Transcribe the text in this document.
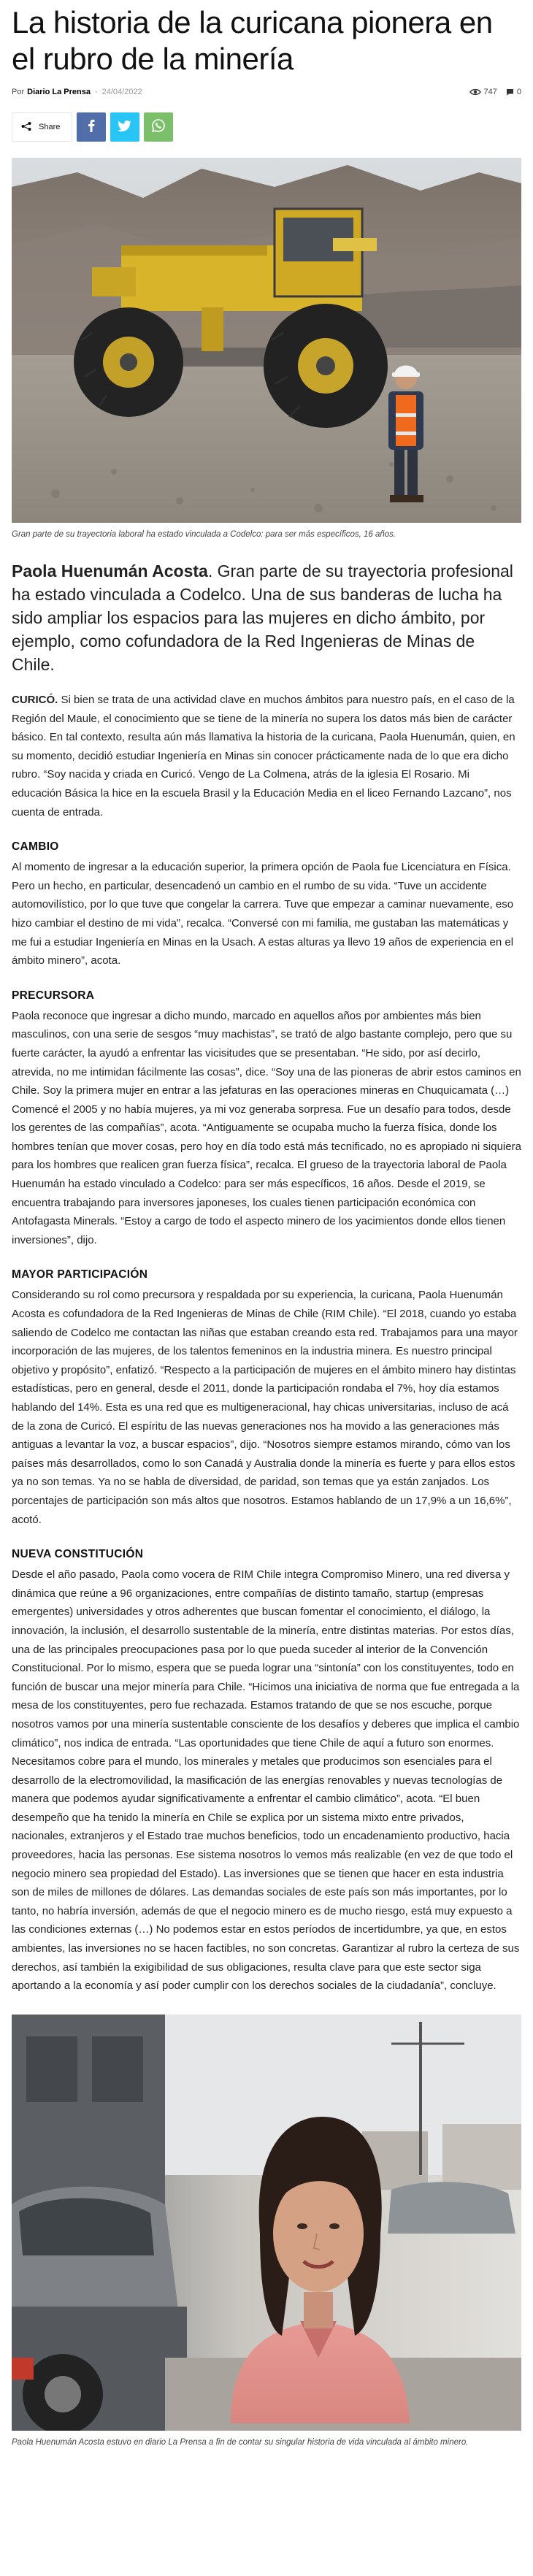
La historia de la curicana pionera en el rubro de la minería
Por Diario La Prensa - 24/04/2022	747 0
Share

Gran parte de su trayectoria laboral ha estado vinculada a Codelco: para ser más específicos, 16 años.

Paola Huenumán Acosta. Gran parte de su trayectoria profesional ha estado vinculada a Codelco. Una de sus banderas de lucha ha sido ampliar los espacios para las mujeres en dicho ámbito, por ejemplo, como cofundadora de la Red Ingenieras de Minas de Chile.

CURICÓ. Si bien se trata de una actividad clave en muchos ámbitos para nuestro país, en el caso de la Región del Maule, el conocimiento que se tiene de la minería no supera los datos más bien de carácter básico. En tal contexto, resulta aún más llamativa la historia de la curicana, Paola Huenumán, quien, en su momento, decidió estudiar Ingeniería en Minas sin conocer prácticamente nada de lo que era dicho rubro. “Soy nacida y criada en Curicó. Vengo de La Colmena, atrás de la iglesia El Rosario. Mi educación Básica la hice en la escuela Brasil y la Educación Media en el liceo Fernando Lazcano”, nos cuenta de entrada.

CAMBIO

Al momento de ingresar a la educación superior, la primera opción de Paola fue Licenciatura en Física. Pero un hecho, en particular, desencadenó un cambio en el rumbo de su vida. “Tuve un accidente automovilístico, por lo que tuve que congelar la carrera. Tuve que empezar a caminar nuevamente, eso hizo cambiar el destino de mi vida”, recalca. “Conversé con mi familia, me gustaban las matemáticas y me fui a estudiar Ingeniería en Minas en la Usach. A estas alturas ya llevo 19 años de experiencia en el ámbito minero”, acota.

PRECURSORA

Paola reconoce que ingresar a dicho mundo, marcado en aquellos años por ambientes más bien masculinos, con una serie de sesgos “muy machistas”, se trató de algo bastante complejo, pero que su fuerte carácter, la ayudó a enfrentar las vicisitudes que se presentaban. “He sido, por así decirlo, atrevida, no me intimidan fácilmente las cosas”, dice. “Soy una de las pioneras de abrir estos caminos en Chile. Soy la primera mujer en entrar a las jefaturas en las operaciones mineras en Chuquicamata (…) Comencé el 2005 y no había mujeres, ya mi voz generaba sorpresa. Fue un desafío para todos, desde los gerentes de las compañías”, acota. “Antiguamente se ocupaba mucho la fuerza física, donde los hombres tenían que mover cosas, pero hoy en día todo está más tecnificado, no es apropiado ni siquiera para los hombres que realicen gran fuerza física”, recalca. El grueso de la trayectoria laboral de Paola Huenumán ha estado vinculado a Codelco: para ser más específicos, 16 años. Desde el 2019, se encuentra trabajando para inversores japoneses, los cuales tienen participación económica con Antofagasta Minerals. “Estoy a cargo de todo el aspecto minero de los yacimientos donde ellos tienen inversiones”, dijo.

MAYOR PARTICIPACIÓN

Considerando su rol como precursora y respaldada por su experiencia, la curicana, Paola Huenumán Acosta es cofundadora de la Red Ingenieras de Minas de Chile (RIM Chile). “El 2018, cuando yo estaba saliendo de Codelco me contactan las niñas que estaban creando esta red. Trabajamos para una mayor incorporación de las mujeres, de los talentos femeninos en la industria minera. Es nuestro principal objetivo y propósito”, enfatizó. “Respecto a la participación de mujeres en el ámbito minero hay distintas estadísticas, pero en general, desde el 2011, donde la participación rondaba el 7%, hoy día estamos hablando del 14%. Esta es una red que es multigeneracional, hay chicas universitarias, incluso de acá de la zona de Curicó. El espíritu de las nuevas generaciones nos ha movido a las generaciones más antiguas a levantar la voz, a buscar espacios”, dijo. “Nosotros siempre estamos mirando, cómo van los países más desarrollados, como lo son Canadá y Australia donde la minería es fuerte y para ellos estos ya no son temas. Ya no se habla de diversidad, de paridad, son temas que ya están zanjados. Los porcentajes de participación son más altos que nosotros. Estamos hablando de un 17,9% a un 16,6%”, acotó.

NUEVA CONSTITUCIÓN

Desde el año pasado, Paola como vocera de RIM Chile integra Compromiso Minero, una red diversa y dinámica que reúne a 96 organizaciones, entre compañías de distinto tamaño, startup (empresas emergentes) universidades y otros adherentes que buscan fomentar el conocimiento, el diálogo, la innovación, la inclusión, el desarrollo sustentable de la minería, entre distintas materias. Por estos días, una de las principales preocupaciones pasa por lo que pueda suceder al interior de la Convención Constitucional. Por lo mismo, espera que se pueda lograr una “sintonía” con los constituyentes, todo en función de buscar una mejor minería para Chile. “Hicimos una iniciativa de norma que fue entregada a la mesa de los constituyentes, pero fue rechazada. Estamos tratando de que se nos escuche, porque nosotros vamos por una minería sustentable consciente de los desafíos y deberes que implica el cambio climático”, nos indica de entrada. “Las oportunidades que tiene Chile de aquí a futuro son enormes. Necesitamos cobre para el mundo, los minerales y metales que producimos son esenciales para el desarrollo de la electromovilidad, la masificación de las energías renovables y nuevas tecnologías de manera que podemos ayudar significativamente a enfrentar el cambio climático”, acota. “El buen desempeño que ha tenido la minería en Chile se explica por un sistema mixto entre privados, nacionales, extranjeros y el Estado trae muchos beneficios, todo un encadenamiento productivo, hacia proveedores, hacia las personas. Ese sistema nosotros lo vemos más realizable (en vez de que todo el negocio minero sea propiedad del Estado). Las inversiones que se tienen que hacer en esta industria son de miles de millones de dólares. Las demandas sociales de este país son más importantes, por lo tanto, no habría inversión, además de que el negocio minero es de mucho riesgo, está muy expuesto a las condiciones externas (…) No podemos estar en estos períodos de incertidumbre, ya que, en estos ambientes, las inversiones no se hacen factibles, no son concretas. Garantizar al rubro la certeza de sus derechos, así también la exigibilidad de sus obligaciones, resulta clave para que este sector siga aportando a la economía y así poder cumplir con los derechos sociales de la ciudadanía”, concluye.

Paola Huenumán Acosta estuvo en diario La Prensa a fin de contar su singular historia de vida vinculada al ámbito minero.
